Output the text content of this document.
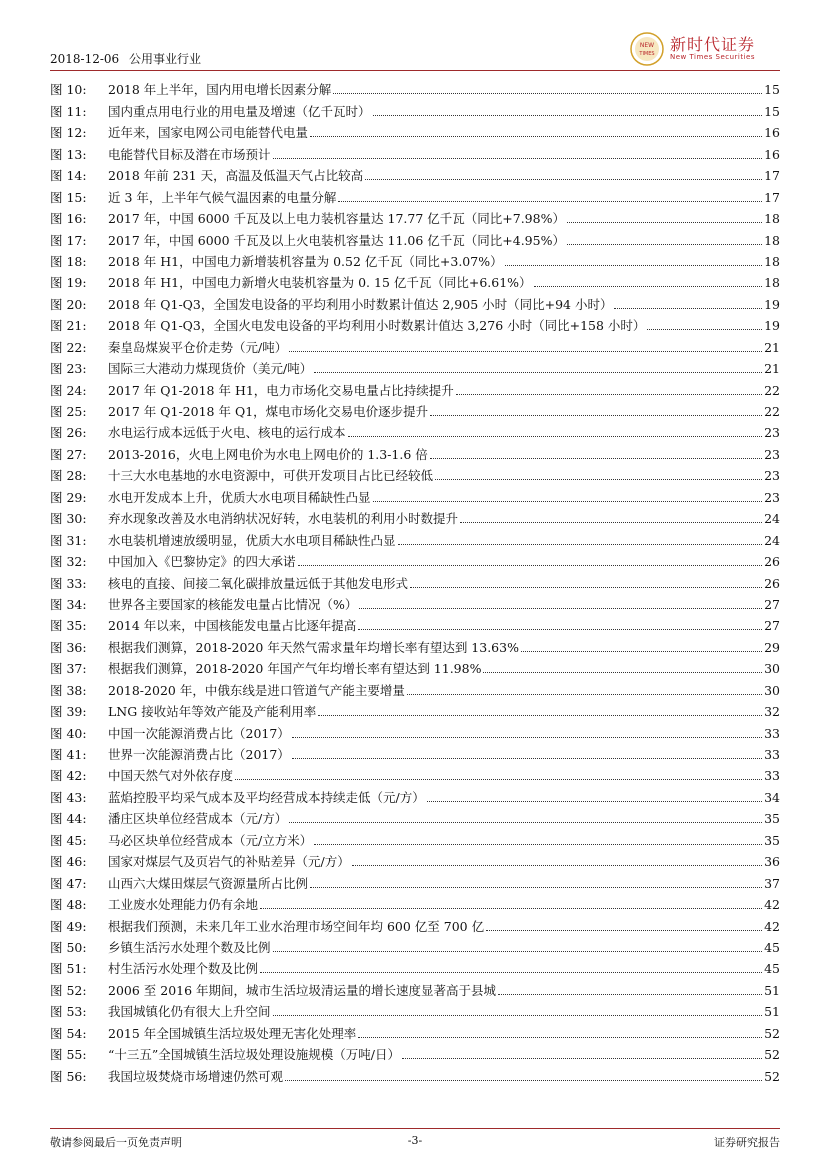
2018-12-06 公用事业行业
NEW
TIMES 新时代证券
New Times Securities
图 10:	2018 年上半年，国内用电增长因素分解	15
图 11:	国内重点用电行业的用电量及增速（亿千瓦时）	15
图 12:	近年来，国家电网公司电能替代电量	16
图 13:	电能替代目标及潜在市场预计	16
图 14:	2018 年前 231 天，高温及低温天气占比较高	17
图 15:	近 3 年，上半年气候气温因素的电量分解	17
图 16:	2017 年，中国 6000 千瓦及以上电力装机容量达 17.77 亿千瓦（同比+7.98%）	18
图 17:	2017 年，中国 6000 千瓦及以上火电装机容量达 11.06 亿千瓦（同比+4.95%）	18
图 18:	2018 年 H1，中国电力新增装机容量为 0.52 亿千瓦（同比+3.07%）	18
图 19:	2018 年 H1，中国电力新增火电装机容量为 0. 15 亿千瓦（同比+6.61%）	18
图 20:	2018 年 Q1-Q3，全国发电设备的平均利用小时数累计值达 2,905 小时（同比+94 小时）	19
图 21:	2018 年 Q1-Q3，全国火电发电设备的平均利用小时数累计值达 3,276 小时（同比+158 小时）	19
图 22:	秦皇岛煤炭平仓价走势（元/吨）	21
图 23:	国际三大港动力煤现货价（美元/吨）	21
图 24:	2017 年 Q1-2018 年 H1，电力市场化交易电量占比持续提升	22
图 25:	2017 年 Q1-2018 年 Q1，煤电市场化交易电价逐步提升	22
图 26:	水电运行成本远低于火电、核电的运行成本	23
图 27:	2013-2016，火电上网电价为水电上网电价的 1.3-1.6 倍	23
图 28:	十三大水电基地的水电资源中，可供开发项目占比已经较低	23
图 29:	水电开发成本上升，优质大水电项目稀缺性凸显	23
图 30:	弃水现象改善及水电消纳状况好转，水电装机的利用小时数提升	24
图 31:	水电装机增速放缓明显，优质大水电项目稀缺性凸显	24
图 32:	中国加入《巴黎协定》的四大承诺	26
图 33:	核电的直接、间接二氧化碳排放量远低于其他发电形式	26
图 34:	世界各主要国家的核能发电量占比情况（%）	27
图 35:	2014 年以来，中国核能发电量占比逐年提高	27
图 36:	根据我们测算，2018-2020 年天然气需求量年均增长率有望达到 13.63%	29
图 37:	根据我们测算，2018-2020 年国产气年均增长率有望达到 11.98%	30
图 38:	2018-2020 年，中俄东线是进口管道气产能主要增量	30
图 39:	LNG 接收站年等效产能及产能利用率	32
图 40:	中国一次能源消费占比（2017）	33
图 41:	世界一次能源消费占比（2017）	33
图 42:	中国天然气对外依存度	33
图 43:	蓝焰控股平均采气成本及平均经营成本持续走低（元/方）	34
图 44:	潘庄区块单位经营成本（元/方）	35
图 45:	马必区块单位经营成本（元/立方米）	35
图 46:	国家对煤层气及页岩气的补贴差异（元/方）	36
图 47:	山西六大煤田煤层气资源量所占比例	37
图 48:	工业废水处理能力仍有余地	42
图 49:	根据我们预测，未来几年工业水治理市场空间年均 600 亿至 700 亿	42
图 50:	乡镇生活污水处理个数及比例	45
图 51:	村生活污水处理个数及比例	45
图 52:	2006 至 2016 年期间，城市生活垃圾清运量的增长速度显著高于县城	51
图 53:	我国城镇化仍有很大上升空间	51
图 54:	2015 年全国城镇生活垃圾处理无害化处理率	52
图 55:	“十三五”全国城镇生活垃圾处理设施规模（万吨/日）	52
图 56:	我国垃圾焚烧市场增速仍然可观	52
敬请参阅最后一页免责声明	-3-	证券研究报告
